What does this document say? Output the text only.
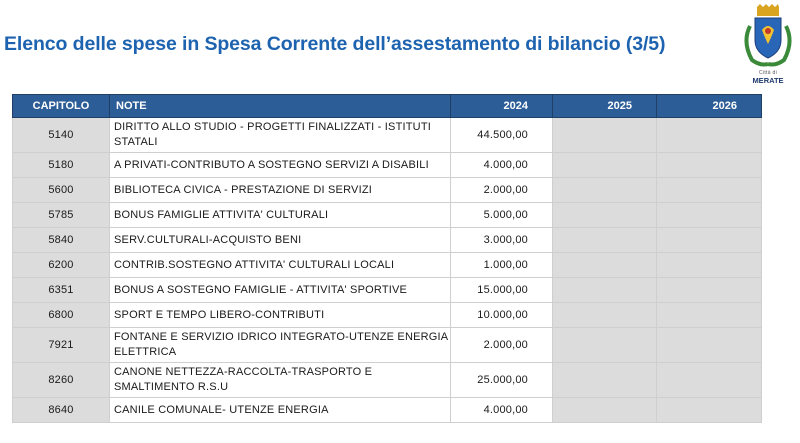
Elenco delle spese in Spesa Corrente dell’assestamento di bilancio (3/5)
Città di
MERATE
CAPITOLO	NOTE	2024	2025	2026
5140	DIRITTO ALLO STUDIO - PROGETTI FINALIZZATI - ISTITUTI STATALI	44.500,00		
5180	A PRIVATI-CONTRIBUTO A SOSTEGNO SERVIZI A DISABILI	4.000,00		
5600	BIBLIOTECA CIVICA - PRESTAZIONE DI SERVIZI	2.000,00		
5785	BONUS FAMIGLIE ATTIVITA' CULTURALI	5.000,00		
5840	SERV.CULTURALI-ACQUISTO BENI	3.000,00		
6200	CONTRIB.SOSTEGNO ATTIVITA' CULTURALI LOCALI	1.000,00		
6351	BONUS A SOSTEGNO FAMIGLIE - ATTIVITA' SPORTIVE	15.000,00		
6800	SPORT E TEMPO LIBERO-CONTRIBUTI	10.000,00		
7921	FONTANE E SERVIZIO IDRICO INTEGRATO-UTENZE ENERGIA ELETTRICA	2.000,00		
8260	CANONE NETTEZZA-RACCOLTA-TRASPORTO E SMALTIMENTO R.S.U	25.000,00		
8640	CANILE COMUNALE- UTENZE ENERGIA	4.000,00		
